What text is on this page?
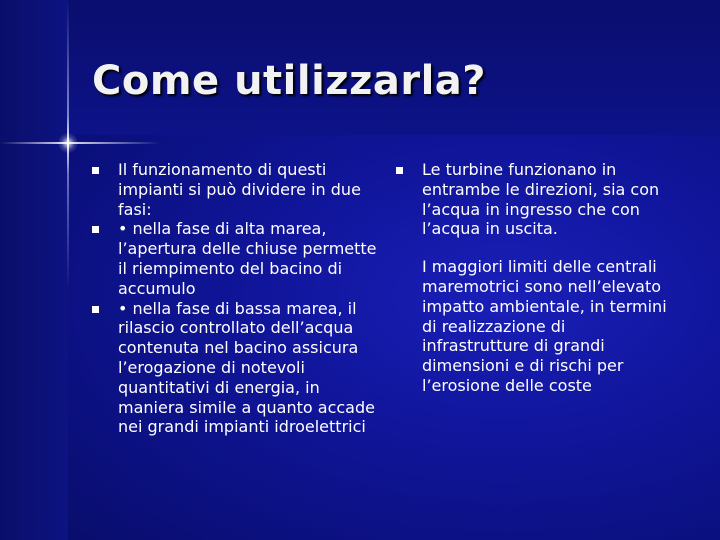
Come utilizzarla?
Il funzionamento di questi impianti si può dividere in due fasi:
• nella fase di alta marea, l’apertura delle chiuse permette il riempimento del bacino di accumulo
• nella fase di bassa marea, il rilascio controllato dell’acqua contenuta nel bacino assicura l’erogazione di notevoli quantitativi di energia, in maniera simile a quanto accade nei grandi impianti idroelettrici
Le turbine funzionano in entrambe le direzioni, sia con l’acqua in ingresso che con l’acqua in uscita.
I maggiori limiti delle centrali maremotrici sono nell’elevato impatto ambientale, in termini di realizzazione di infrastrutture di grandi dimensioni e di rischi per l’erosione delle coste
